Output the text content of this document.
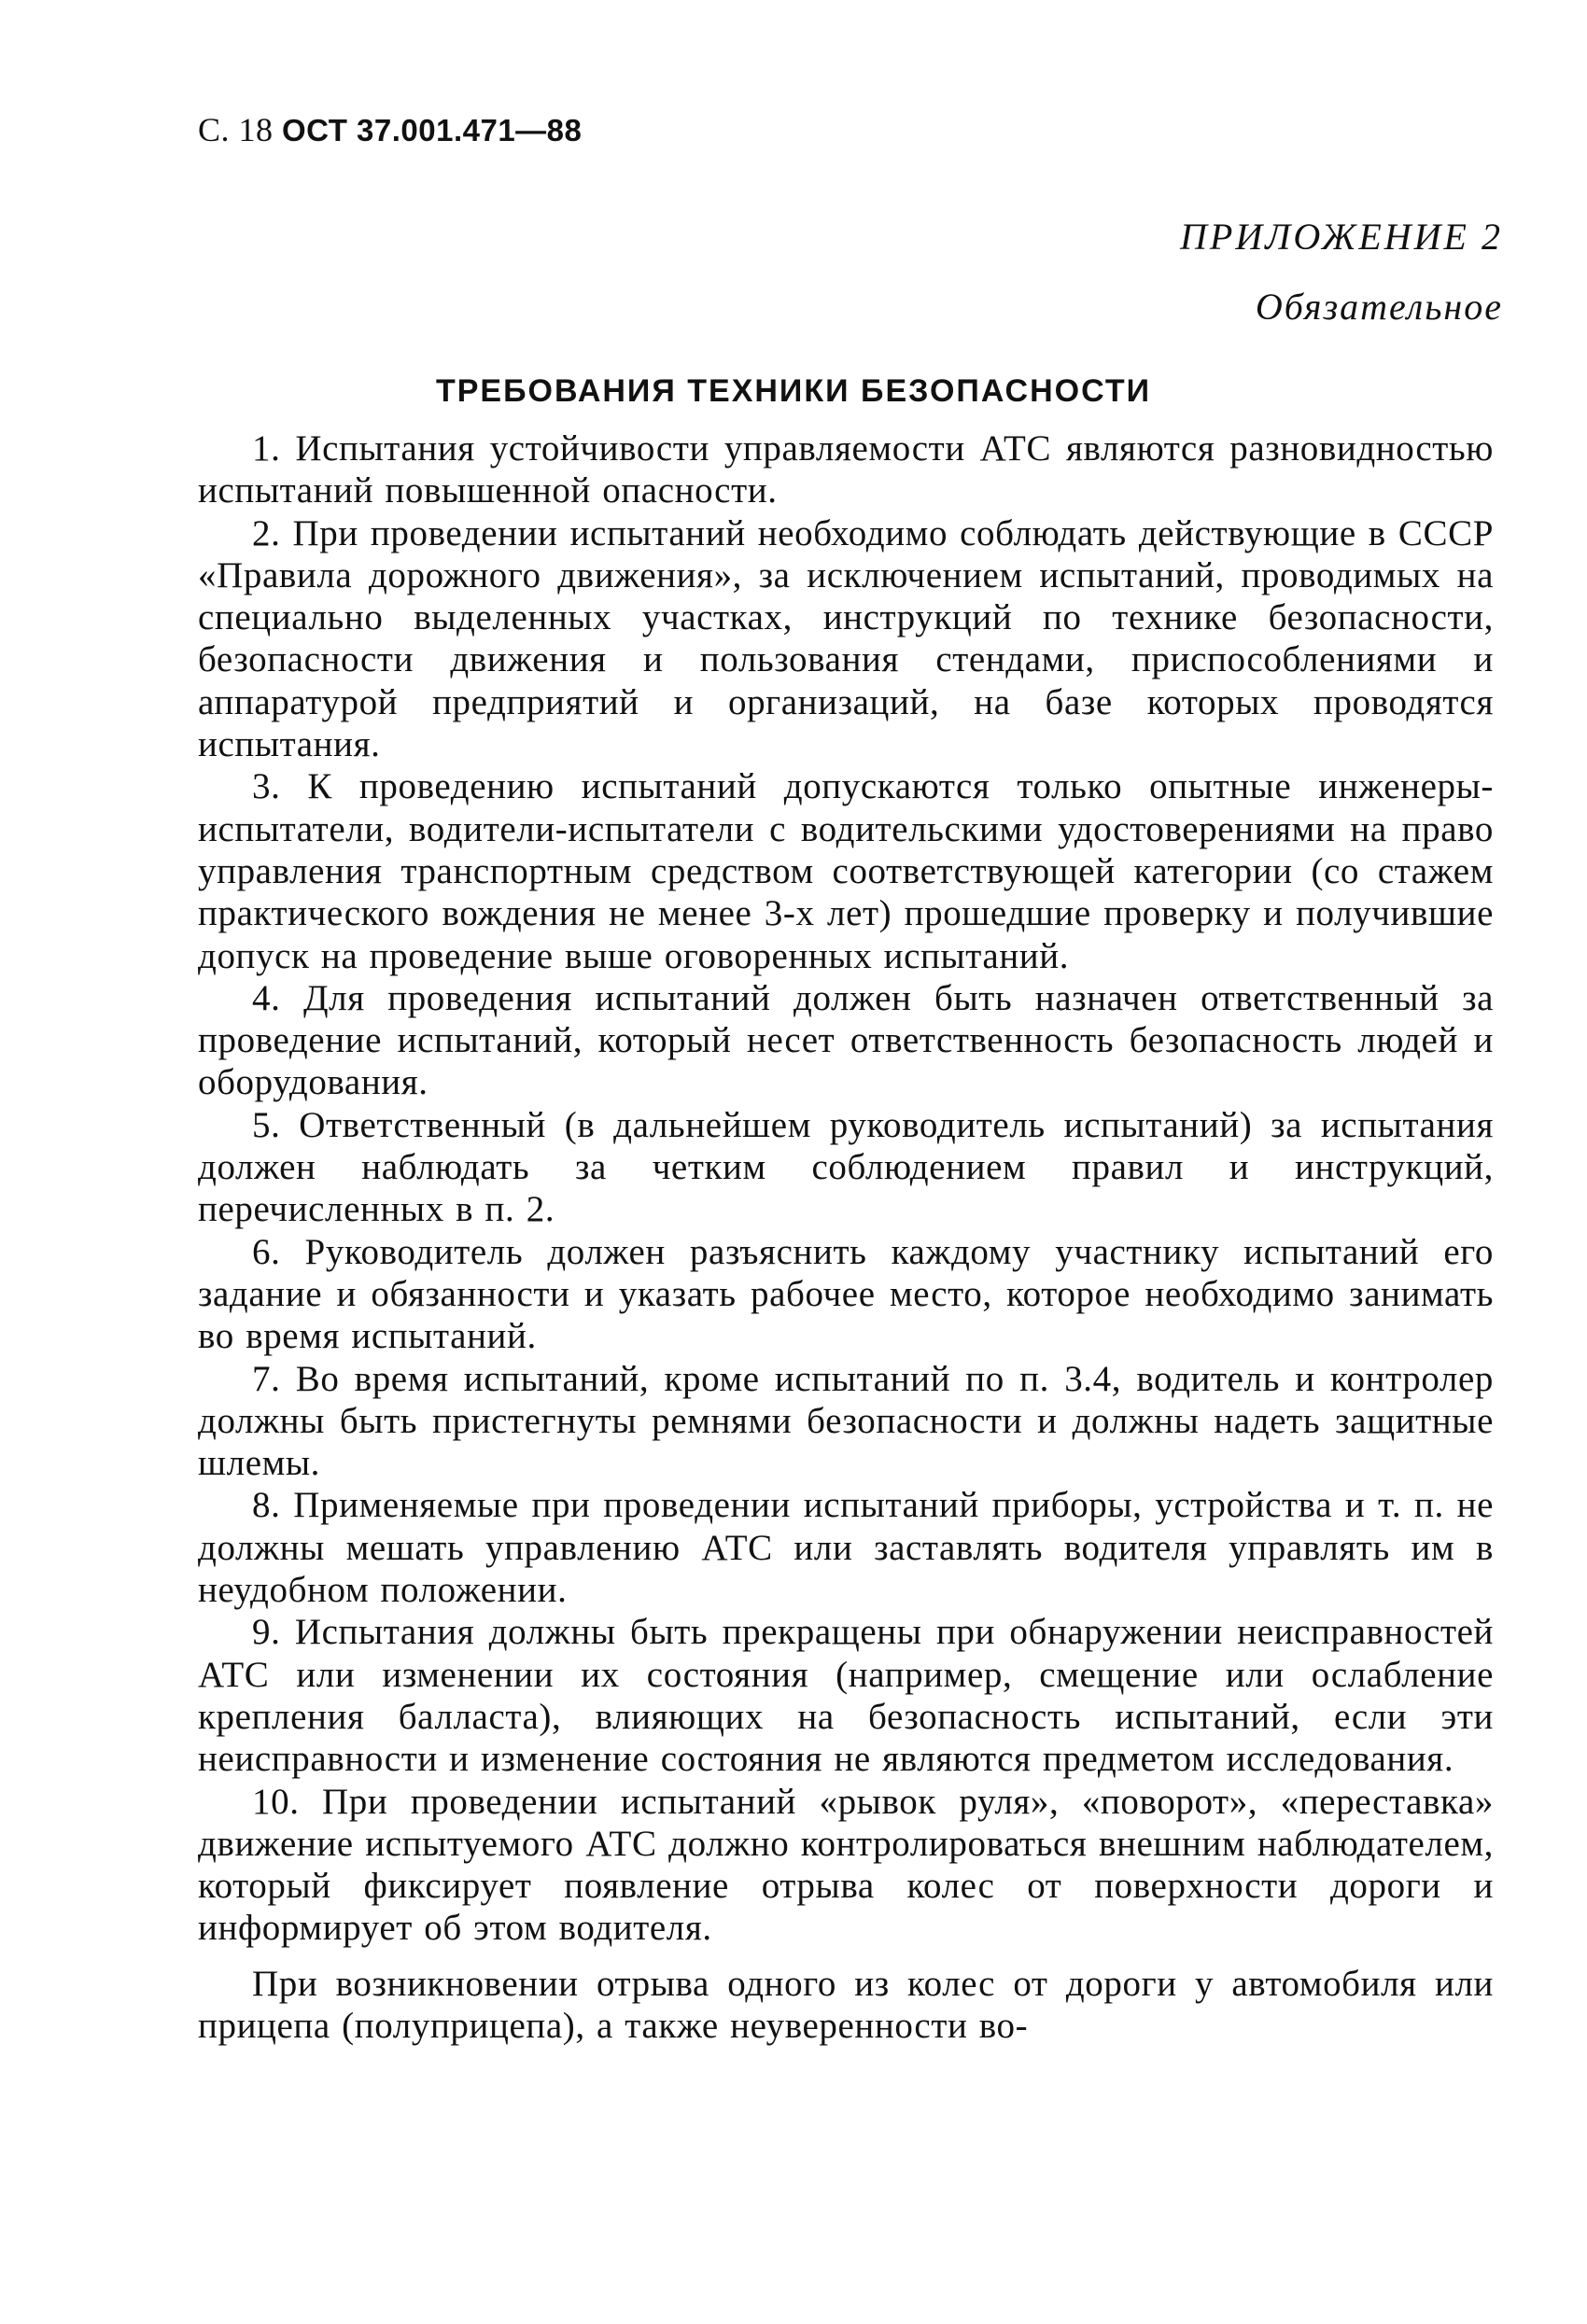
С. 18 ОСТ 37.001.471—88
ПРИЛОЖЕНИЕ 2
Обязательное
ТРЕБОВАНИЯ ТЕХНИКИ БЕЗОПАСНОСТИ

1. Испытания устойчивости управляемости АТС являются разновидностью испытаний повышенной опасности.

2. При проведении испытаний необходимо соблюдать действующие в СССР «Правила дорожного движения», за исключением испытаний, проводимых на специально выделенных участках, инструкций по технике безопасности, безопасности движения и пользования стендами, приспособлениями и аппаратурой предприятий и организаций, на базе которых проводятся испытания.

3. К проведению испытаний допускаются только опытные инженеры-испытатели, водители-испытатели с водительскими удостоверениями на право управления транспортным средством соответствующей категории (со стажем практического вождения не менее 3-х лет) прошедшие проверку и получившие допуск на проведение выше оговоренных испытаний.

4. Для проведения испытаний должен быть назначен ответственный за проведение испытаний, который несет ответственность безопасность людей и оборудования.

5. Ответственный (в дальнейшем руководитель испытаний) за испытания должен наблюдать за четким соблюдением правил и инструкций, перечисленных в п. 2.

6. Руководитель должен разъяснить каждому участнику испытаний его задание и обязанности и указать рабочее место, которое необходимо занимать во время испытаний.

7. Во время испытаний, кроме испытаний по п. 3.4, водитель и контролер должны быть пристегнуты ремнями безопасности и должны надеть защитные шлемы.

8. Применяемые при проведении испытаний приборы, устройства и т. п. не должны мешать управлению АТС или заставлять водителя управлять им в неудобном положении.

9. Испытания должны быть прекращены при обнаружении неисправностей АТС или изменении их состояния (например, смещение или ослабление крепления балласта), влияющих на безопасность испытаний, если эти неисправности и изменение состояния не являются предметом исследования.

10. При проведении испытаний «рывок руля», «поворот», «переставка» движение испытуемого АТС должно контролироваться внешним наблюдателем, который фиксирует появление отрыва колес от поверхности дороги и информирует об этом водителя.

При возникновении отрыва одного из колес от дороги у автомобиля или прицепа (полуприцепа), а также неуверенности во-
